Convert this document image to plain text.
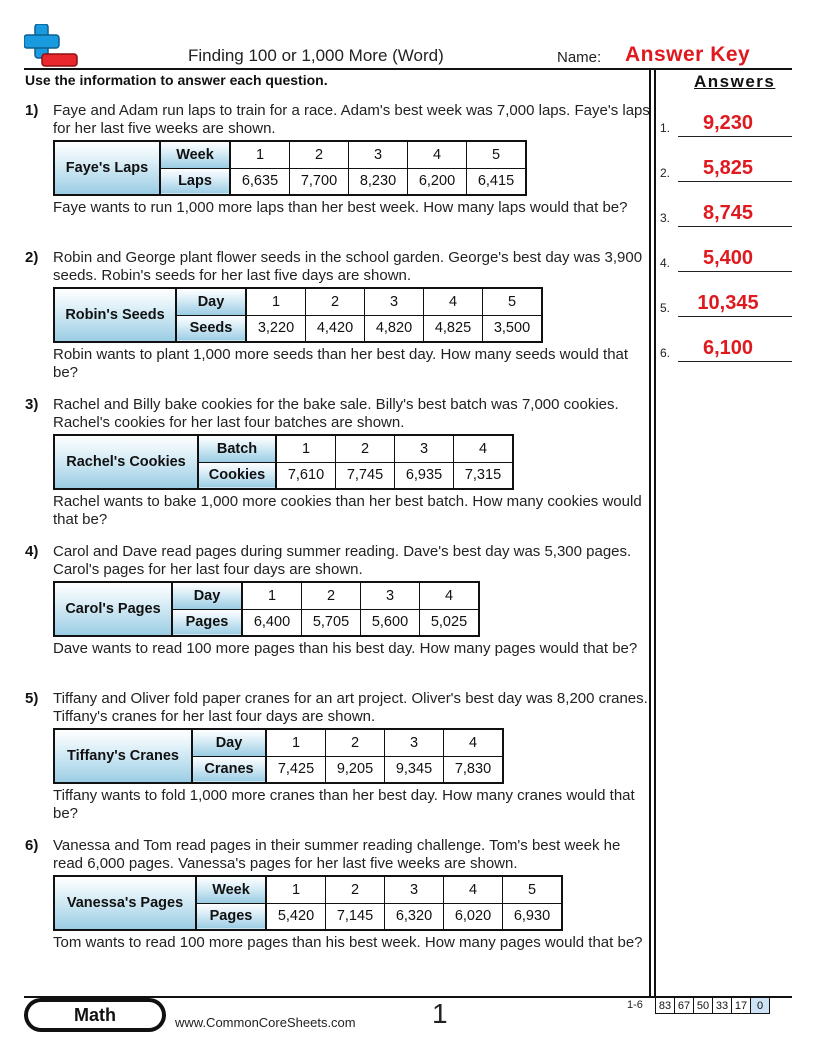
Finding 100 or 1,000 More (Word)	Name: Answer Key
Use the information to answer each question.	Answers
1.	9,230
2.	5,825
3.	8,745
4.	5,400
5.	10,345
6.	6,100
1) Faye and Adam run laps to train for a race. Adam's best week was 7,000 laps. Faye's laps for her last five weeks are shown.
Faye's Laps
Week	1	2	3	4	5
Laps	6,635	7,700	8,230	6,200	6,415
Faye wants to run 1,000 more laps than her best week. How many laps would that be?
2) Robin and George plant flower seeds in the school garden. George's best day was 3,900 seeds. Robin's seeds for her last five days are shown.
Robin's Seeds
Day	1	2	3	4	5
Seeds	3,220	4,420	4,820	4,825	3,500
Robin wants to plant 1,000 more seeds than her best day. How many seeds would that be?
3) Rachel and Billy bake cookies for the bake sale. Billy's best batch was 7,000 cookies. Rachel's cookies for her last four batches are shown.
Rachel's Cookies
Batch	1	2	3	4
Cookies	7,610	7,745	6,935	7,315
Rachel wants to bake 1,000 more cookies than her best batch. How many cookies would that be?
4) Carol and Dave read pages during summer reading. Dave's best day was 5,300 pages. Carol's pages for her last four days are shown.
Carol's Pages
Day	1	2	3	4
Pages	6,400	5,705	5,600	5,025
Dave wants to read 100 more pages than his best day. How many pages would that be?
5) Tiffany and Oliver fold paper cranes for an art project. Oliver's best day was 8,200 cranes. Tiffany's cranes for her last four days are shown.
Tiffany's Cranes
Day	1	2	3	4
Cranes	7,425	9,205	9,345	7,830
Tiffany wants to fold 1,000 more cranes than her best day. How many cranes would that be?
6) Vanessa and Tom read pages in their summer reading challenge. Tom's best week he read 6,000 pages. Vanessa's pages for her last five weeks are shown.
Vanessa's Pages
Week	1	2	3	4	5
Pages	5,420	7,145	6,320	6,020	6,930
Tom wants to read 100 more pages than his best week. How many pages would that be?
Math	www.CommonCoreSheets.com	1	1-6 83	67	50	33	17	0
